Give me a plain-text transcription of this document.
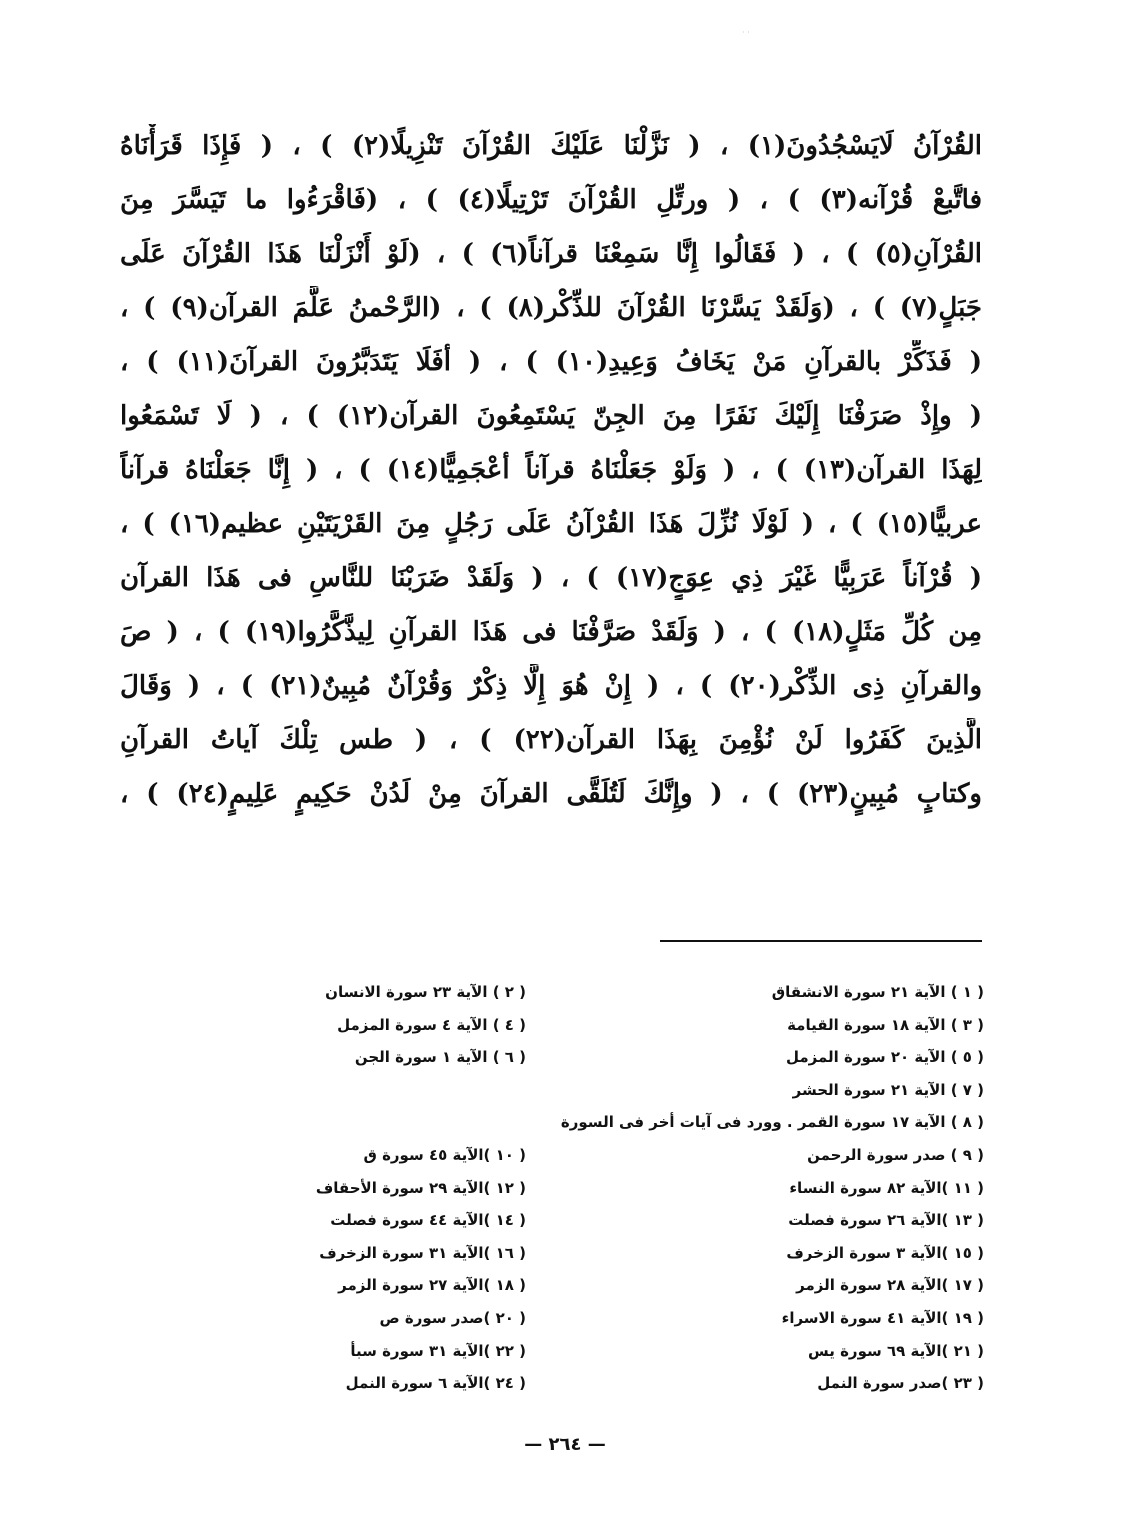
· ·

القُرْآنُ لَايَسْجُدُونَ(١) ، ( نَزَّلْنَا عَلَيْكَ القُرْآنَ تَنْزِيلًا(٢) ) ، ( فَإِذَا قَرَأْنَاهُ

فاتَّبعْ قُرْآنه(٣) ) ، ( ورتِّلِ القُرْآنَ تَرْتِيلًا(٤) ) ، (فَاقْرَءُوا ما تَيَسَّرَ مِنَ

القُرْآنِ(٥) ) ، ( فَقَالُوا إِنَّا سَمِعْنَا قرآناً(٦) ) ، (لَوْ أَنْزَلْنَا هَذَا القُرْآنَ عَلَى

جَبَلٍ(٧) ) ، (وَلَقَدْ يَسَّرْنَا القُرْآنَ للذِّكْر(٨) ) ، (الرَّحْمنُ عَلَّمَ القرآن(٩) ) ،

( فَذَكِّرْ بالقرآنِ مَنْ يَخَافُ وَعِيدِ(١٠) ) ، ( أفَلَا يَتَدَبَّرُونَ القرآنَ(١١) ) ،

( وإِذْ صَرَفْنَا إِلَيْكَ نَفَرًا مِنَ الجِنّ يَسْتَمِعُونَ القرآن(١٢) ) ، ( لَا تَسْمَعُوا

لِهَذَا القرآن(١٣) ) ، ( وَلَوْ جَعَلْنَاهُ قرآناً أعْجَمِيًّا(١٤) ) ، ( إِنَّا جَعَلْنَاهُ قرآناً

عربيًّا(١٥) ) ، ( لَوْلَا نُزِّلَ هَذَا القُرْآنُ عَلَى رَجُلٍ مِنَ القَرْيَتَيْنِ عظيم(١٦) ) ،

( قُرْآناً عَرَبِيًّا غَيْرَ ذِي عِوَجٍ(١٧) ) ، ( وَلَقَدْ ضَرَبْنَا للنَّاسِ فى هَذَا القرآن

مِن كُلِّ مَثَلٍ(١٨) ) ، ( وَلَقَدْ صَرَّفْنَا فى هَذَا القرآنِ لِيذَّكَّرُوا(١٩) ) ، ( صَ

والقرآنِ ذِى الذِّكْر(٢٠) ) ، ( إِنْ هُوَ إِلَّا ذِكْرٌ وَقُرْآنٌ مُبِينٌ(٢١) ) ، ( وَقَالَ

الَّذِينَ كَفَرُوا لَنْ نُؤْمِنَ بِهَذَا القرآن(٢٢) ) ، ( طس تِلْكَ آياتُ القرآنِ

وكتابٍ مُبِينٍ(٢٣) ) ، ( وإِنَّكَ لَتُلَقَّى القرآنَ مِنْ لَدُنْ حَكِيمٍ عَلِيمٍ(٢٤) ) ،

( ١ ) الآية ٢١ سورة الانشقاق
( ٢ ) الآية ٢٣ سورة الانسان
( ٣ ) الآية ١٨ سورة القيامة
( ٤ ) الآية ٤ سورة المزمل
( ٥ ) الآية ٢٠ سورة المزمل
( ٦ ) الآية ١ سورة الجن
( ٧ ) الآية ٢١ سورة الحشر
( ٨ ) الآية ١٧ سورة القمر . وورد فى آيات أخر فى السورة
( ٩ ) صدر سورة الرحمن
( ١٠ )الآية ٤٥ سورة ق
( ١١ )الآية ٨٢ سورة النساء
( ١٢ )الآية ٢٩ سورة الأحقاف
( ١٣ )الآية ٢٦ سورة فصلت
( ١٤ )الآية ٤٤ سورة فصلت
( ١٥ )الآية ٣ سورة الزخرف
( ١٦ )الآية ٣١ سورة الزخرف
( ١٧ )الآية ٢٨ سورة الزمر
( ١٨ )الآية ٢٧ سورة الزمر
( ١٩ )الآية ٤١ سورة الاسراء
( ٢٠ )صدر سورة ص
( ٢١ )الآية ٦٩ سورة يس
( ٢٢ )الآية ٣١ سورة سبأ
( ٢٣ )صدر سورة النمل
( ٢٤ )الآية ٦ سورة النمل
— ٢٦٤ —
